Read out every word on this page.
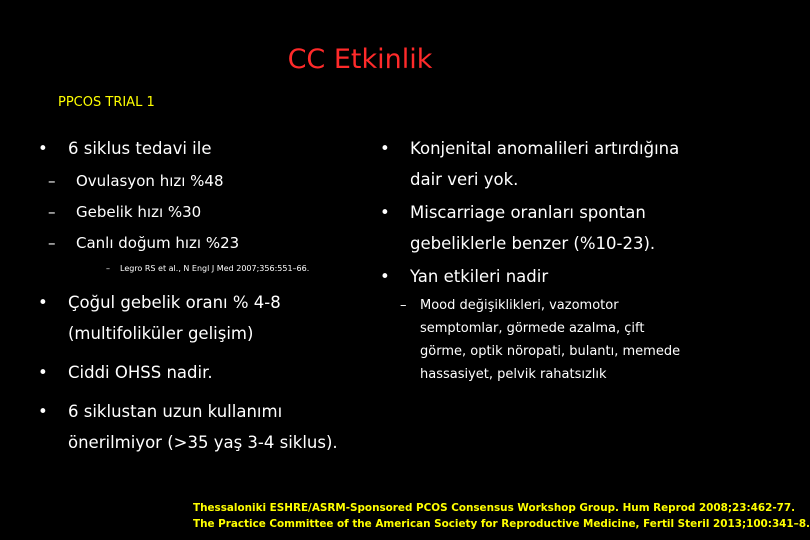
CC Etkinlik
PPCOS TRIAL 1
• 6 siklus tedavi ile
– Ovulasyon hızı %48
– Gebelik hızı %30
– Canlı doğum hızı %23
– Legro RS et al., N Engl J Med 2007;356:551–66.
• Çoğul gebelik oranı % 4-8
(multifoliküler gelişim)
• Ciddi OHSS nadir.
• 6 siklustan uzun kullanımı
önerilmiyor (>35 yaş 3-4 siklus).
• Konjenital anomalileri artırdığına
dair veri yok.
• Miscarriage oranları spontan
gebeliklerle benzer (%10-23).
• Yan etkileri nadir
– Mood değişiklikleri, vazomotor
semptomlar, görmede azalma, çift
görme, optik nöropati, bulantı, memede
hassasiyet, pelvik rahatsızlık
Thessaloniki ESHRE/ASRM-Sponsored PCOS Consensus Workshop Group. Hum Reprod 2008;23:462-77.
The Practice Committee of the American Society for Reproductive Medicine, Fertil Steril 2013;100:341–8.
